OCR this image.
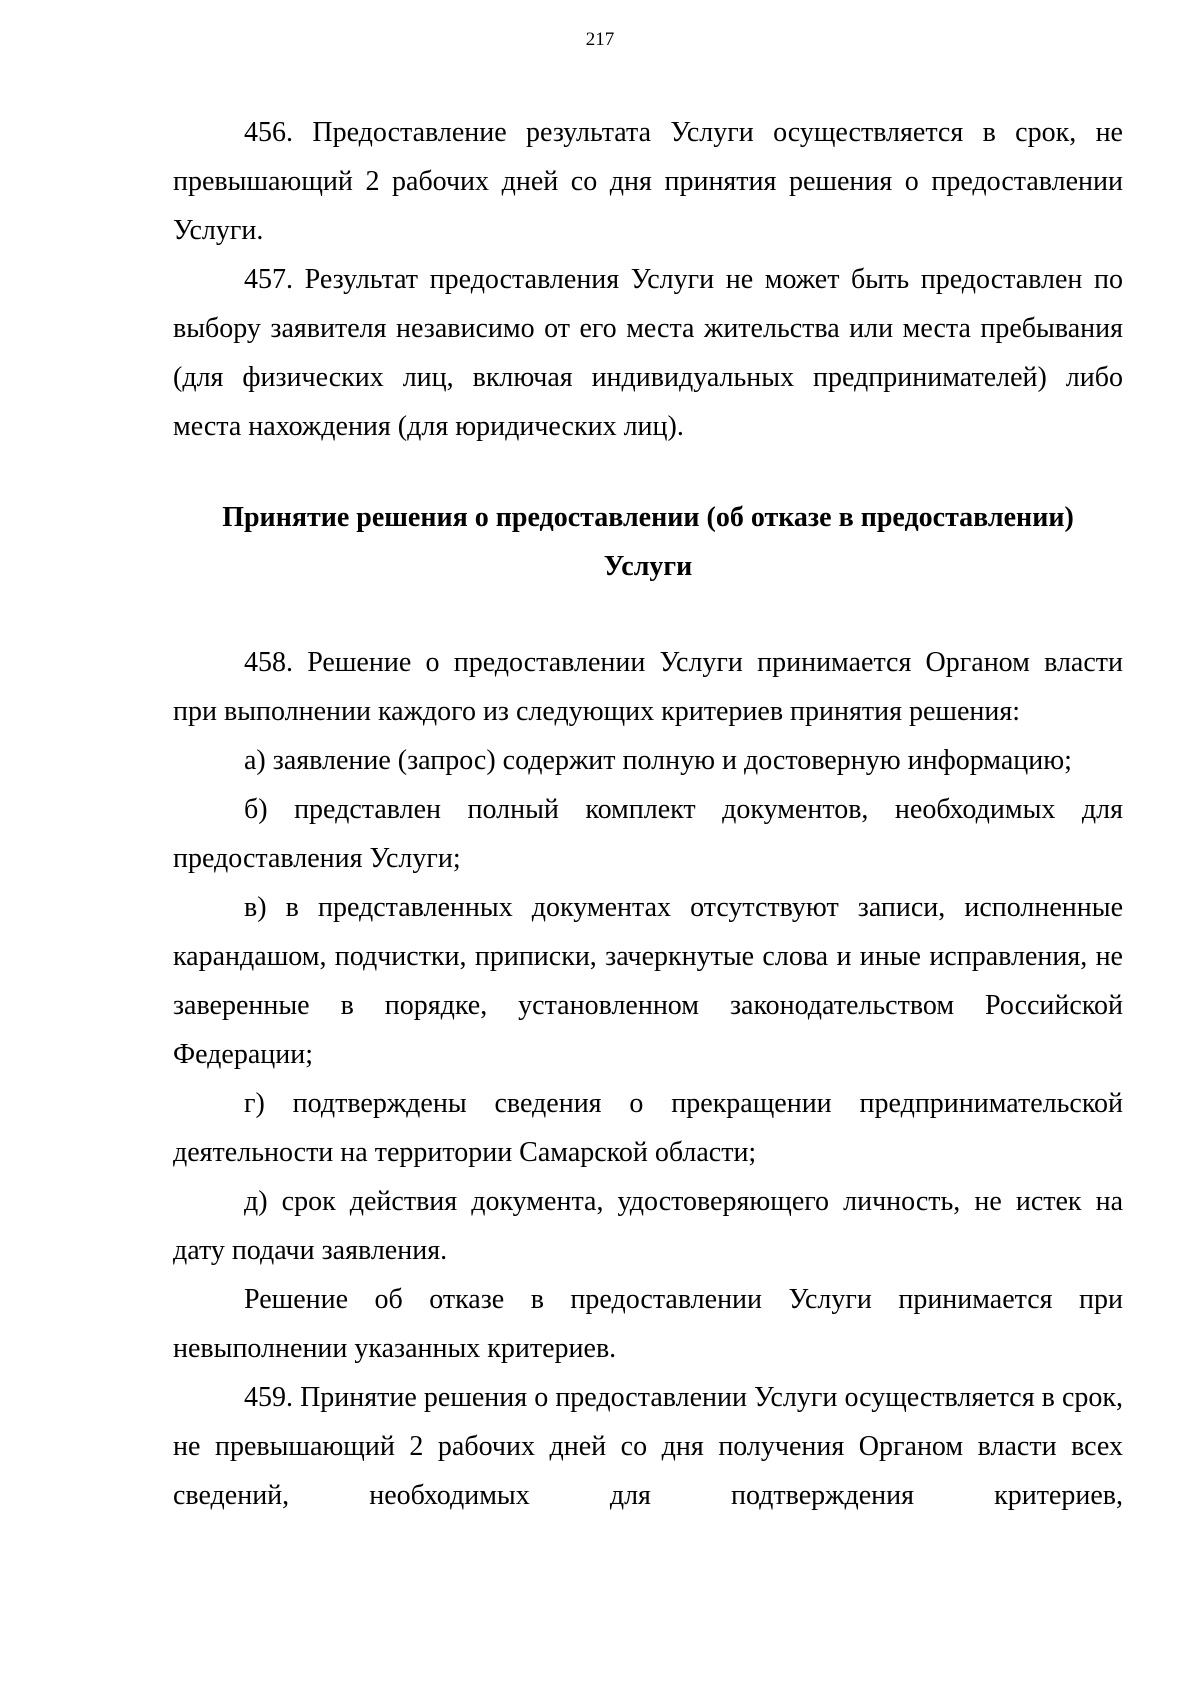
217

456. Предоставление результата Услуги осуществляется в срок, не превышающий 2 рабочих дней со дня принятия решения о предоставлении Услуги.

457. Результат предоставления Услуги не может быть предоставлен по выбору заявителя независимо от его места жительства или места пребывания (для физических лиц, включая индивидуальных предпринимателей) либо места нахождения (для юридических лиц).

Принятие решения о предоставлении (об отказе в предоставлении)
Услуги

458. Решение о предоставлении Услуги принимается Органом власти при выполнении каждого из следующих критериев принятия решения:

а) заявление (запрос) содержит полную и достоверную информацию;

б) представлен полный комплект документов, необходимых для предоставления Услуги;

в) в представленных документах отсутствуют записи, исполненные карандашом, подчистки, приписки, зачеркнутые слова и иные исправления, не заверенные в порядке, установленном законодательством Российской Федерации;

г) подтверждены сведения о прекращении предпринимательской деятельности на территории Самарской области;

д) срок действия документа, удостоверяющего личность, не истек на дату подачи заявления.

Решение об отказе в предоставлении Услуги принимается при невыполнении указанных критериев.

459. Принятие решения о предоставлении Услуги осуществляется в срок, не превышающий 2 рабочих дней со дня получения Органом власти всех сведений, необходимых для подтверждения критериев,
